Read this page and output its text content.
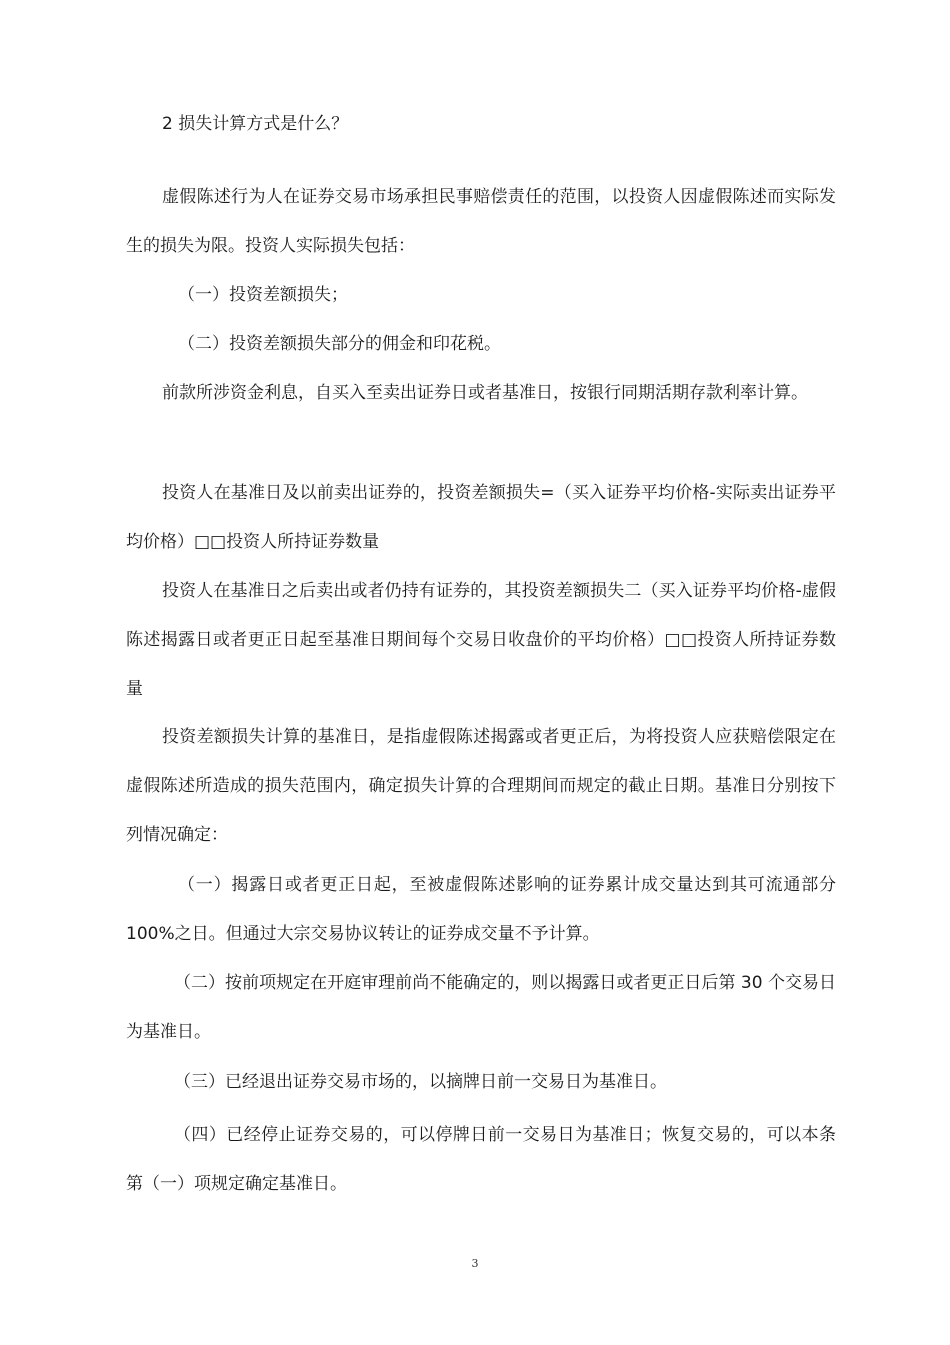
2 损失计算方式是什么？

虚假陈述行为人在证券交易市场承担民事赔偿责任的范围，以投资人因虚假陈述而实际发生的损失为限。投资人实际损失包括：

（一）投资差额损失；

（二）投资差额损失部分的佣金和印花税。

前款所涉资金利息，自买入至卖出证券日或者基准日，按银行同期活期存款利率计算。

投资人在基准日及以前卖出证券的，投资差额损失=（买入证券平均价格-实际卖出证券平均价格）□□投资人所持证券数量

投资人在基准日之后卖出或者仍持有证券的，其投资差额损失二（买入证券平均价格-虚假陈述揭露日或者更正日起至基准日期间每个交易日收盘价的平均价格）□□投资人所持证券数量

投资差额损失计算的基准日，是指虚假陈述揭露或者更正后，为将投资人应获赔偿限定在虚假陈述所造成的损失范围内，确定损失计算的合理期间而规定的截止日期。基准日分别按下列情况确定：

（一）揭露日或者更正日起，至被虚假陈述影响的证券累计成交量达到其可流通部分 100%之日。但通过大宗交易协议转让的证券成交量不予计算。

（二）按前项规定在开庭审理前尚不能确定的，则以揭露日或者更正日后第 30 个交易日为基准日。

（三）已经退出证券交易市场的，以摘牌日前一交易日为基准日。

（四）已经停止证券交易的，可以停牌日前一交易日为基准日；恢复交易的，可以本条第（一）项规定确定基准日。

3
